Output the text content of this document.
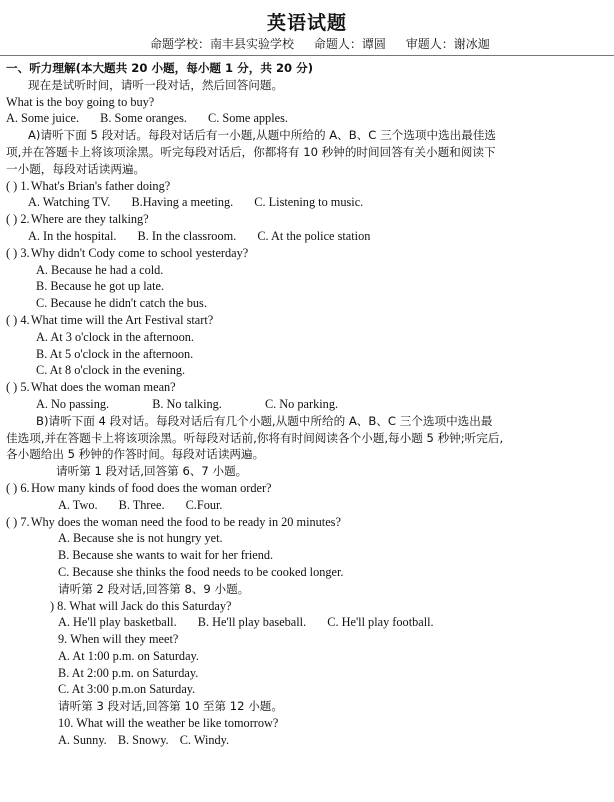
英语试题
命题学校：南丰县实验学校 命题人：谭圆 审题人：谢冰迦
一、听力理解(本大题共 20 小题，每小题 1 分，共 20 分)
现在是试听时间，请听一段对话，然后回答问题。
What is the boy going to buy?
A. Some juice. B. Some oranges. C. Some apples.
A)请听下面 5 段对话。每段对话后有一小题,从题中所给的 A、B、C 三个选项中选出最佳选
项,并在答题卡上将该项涂黑。听完每段对话后，你都将有 10 秒钟的时间回答有关小题和阅读下
一小题，每段对话读两遍。
( ) 1. What's Brian's father doing?
A. Watching TV. B.Having a meeting. C. Listening to music.
( ) 2. Where are they talking?
A. In the hospital. B. In the classroom. C. At the police station
( ) 3. Why didn't Cody come to school yesterday?
A. Because he had a cold.
B. Because he got up late.
C. Because he didn't catch the bus.
( ) 4. What time will the Art Festival start?
A. At 3 o'clock in the afternoon.
B. At 5 o'clock in the afternoon.
C. At 8 o'clock in the evening.
( ) 5. What does the woman mean?
A. No passing.	B. No talking.	C. No parking.
B)请听下面 4 段对话。每段对话后有几个小题,从题中所给的 A、B、C 三个选项中选出最
佳选项,并在答题卡上将该项涂黑。听每段对话前,你将有时间阅读各个小题,每小题 5 秒钟;听完后,
各小题给出 5 秒钟的作答时间。每段对话读两遍。
请听第 1 段对话,回答第 6、7 小题。
( ) 6. How many kinds of food does the woman order?
A. Two. B. Three. C.Four.
( ) 7. Why does the woman need the food to be ready in 20 minutes?
A. Because she is not hungry yet.
B. Because she wants to wait for her friend.
C. Because she thinks the food needs to be cooked longer.
请听第 2 段对话,回答第 8、9 小题。
) 8. What will Jack do this Saturday?
A. He'll play basketball. B. He'll play baseball. C. He'll play football.
9. When will they meet?
A. At 1:00 p.m. on Saturday.
B. At 2:00 p.m. on Saturday.
C. At 3:00 p.m.on Saturday.
请听第 3 段对话,回答第 10 至第 12 小题。
10. What will the weather be like tomorrow?
A. Sunny. B. Snowy. C. Windy.
